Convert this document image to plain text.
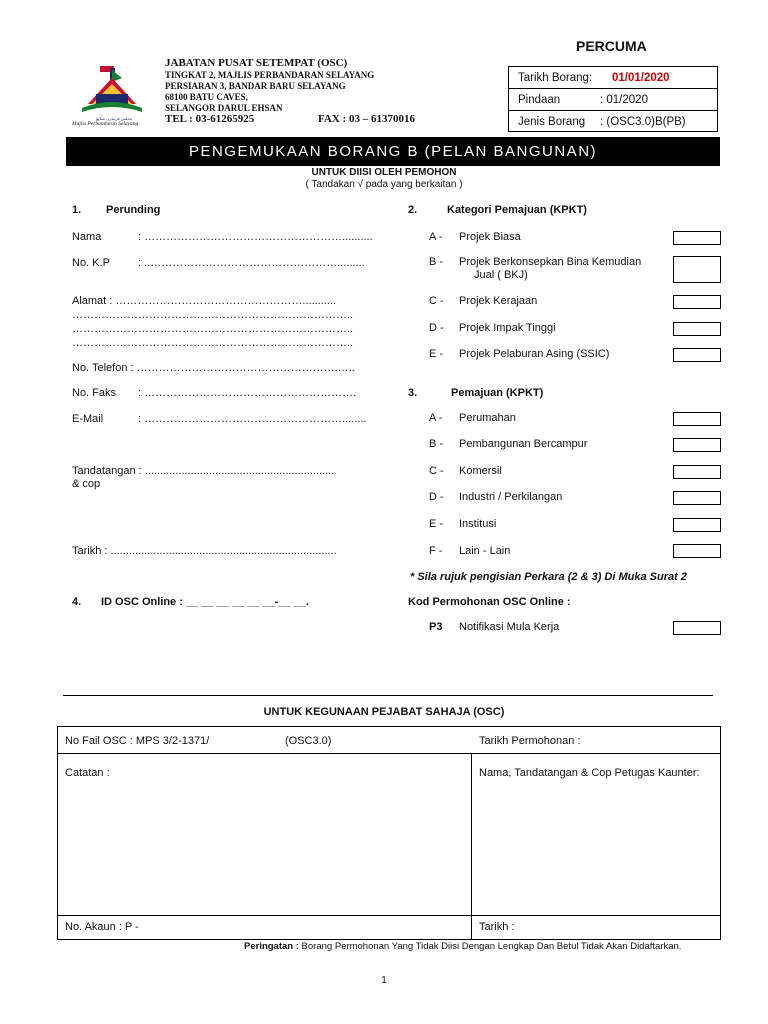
PERCUMA
مجلس ڤربندرن سلايڠ
Majlis Perbandaran Selayang
JABATAN PUSAT SETEMPAT (OSC)
TINGKAT 2, MAJLIS PERBANDARAN SELAYANG
PERSIARAN 3, BANDAR BARU SELAYANG
68100 BATU CAVES,
SELANGOR DARUL EHSAN
TEL : 03-61265925	FAX : 03 – 61370016
Tarikh Borang: 01/01/2020
Pindaan	: 01/2020
Jenis Borang : (OSC3.0)B(PB)
PENGEMUKAAN BORANG B (PELAN BANGUNAN)
UNTUK DIISI OLEH PEMOHON
( Tandakan √ pada yang berkaitan )
1. Perunding
Nama	: ………………………………………………..........
No. K.P	: ..…………………………………………….........
Alamat : ……………………………………………...........
…………………………………………………………………..
…………………………………………………………………..
…………………………………………………………………..
No. Telefon : ……………………………………………….…..
No. Faks : ………………………………………………….
E-Mail	: ………………………………………………........
Tandatangan : ..............................................................
& cop
Tarikh : ..........................................................................
2.	Kategori Pemajuan (KPKT)
A - Projek Biasa
B - Projek Berkonsepkan Bina Kemudian
Jual ( BKJ)
C - Projek Kerajaan
D - Projek Impak Tinggi
E - Projek Pelaburan Asing (SSIC)
3.	Pemajuan (KPKT)
A - Perumahan
B - Pembangunan Bercampur
C - Komersil
D - Industri / Perkilangan
E - Institusi
F - Lain - Lain
* Sila rujuk pengisian Perkara (2 & 3) Di Muka Surat 2
4. ID OSC Online : __ __ __ __ __ __-__ __.	Kod Permohonan OSC Online :
P3 Notifikasi Mula Kerja
UNTUK KEGUNAAN PEJABAT SAHAJA (OSC)
No Fail OSC : MPS 3/2-1371/	(OSC3.0)	Tarikh Permohonan :
Catatan :	Nama, Tandatangan & Cop Petugas Kaunter:
No. Akaun : P -	Tarikh :
Peringatan : Borang Permohonan Yang Tidak Diisi Dengan Lengkap Dan Betul Tidak Akan Didaftarkan.
1
